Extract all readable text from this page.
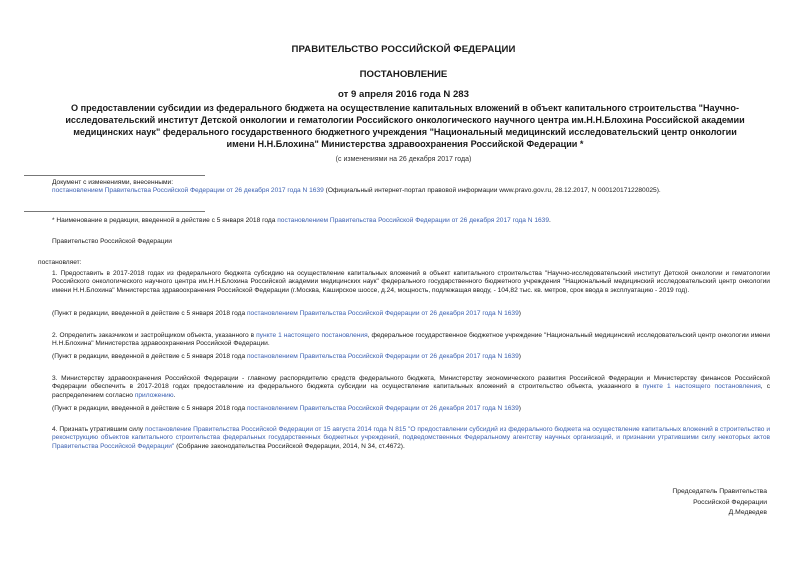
ПРАВИТЕЛЬСТВО РОССИЙСКОЙ ФЕДЕРАЦИИ
ПОСТАНОВЛЕНИЕ
от 9 апреля 2016 года N 283
О предоставлении субсидии из федерального бюджета на осуществление капитальных вложений в объект капитального строительства "Научно-исследовательский институт Детской онкологии и гематологии Российского онкологического научного центра им.Н.Н.Блохина Российской академии медицинских наук" федерального государственного бюджетного учреждения "Национальный медицинский исследовательский центр онкологии имени Н.Н.Блохина" Министерства здравоохранения Российской Федерации *
(с изменениями на 26 декабря 2017 года)
Документ с изменениями, внесенными:
постановлением Правительства Российской Федерации от 26 декабря 2017 года N 1639 (Официальный интернет-портал правовой информации www.pravo.gov.ru, 28.12.2017, N 0001201712280025).
* Наименование в редакции, введенной в действие с 5 января 2018 года постановлением Правительства Российской Федерации от 26 декабря 2017 года N 1639.
Правительство Российской Федерации
постановляет:
1. Предоставить в 2017-2018 годах из федерального бюджета субсидию на осуществление капитальных вложений в объект капитального строительства "Научно-исследовательский институт Детской онкологии и гематологии Российского онкологического научного центра им.Н.Н.Блохина Российской академии медицинских наук" федерального государственного бюджетного учреждения "Национальный медицинский исследовательский центр онкологии имени Н.Н.Блохина" Министерства здравоохранения Российской Федерации (г.Москва, Каширское шоссе, д.24, мощность, подлежащая вводу, - 104,82 тыс. кв. метров, срок ввода в эксплуатацию - 2019 год).
(Пункт в редакции, введенной в действие с 5 января 2018 года постановлением Правительства Российской Федерации от 26 декабря 2017 года N 1639)
2. Определить заказчиком и застройщиком объекта, указанного в пункте 1 настоящего постановления, федеральное государственное бюджетное учреждение "Национальный медицинский исследовательский центр онкологии имени Н.Н.Блохина" Министерства здравоохранения Российской Федерации.
(Пункт в редакции, введенной в действие с 5 января 2018 года постановлением Правительства Российской Федерации от 26 декабря 2017 года N 1639)
3. Министерству здравоохранения Российской Федерации - главному распорядителю средств федерального бюджета, Министерству экономического развития Российской Федерации и Министерству финансов Российской Федерации обеспечить в 2017-2018 годах предоставление из федерального бюджета субсидии на осуществление капитальных вложений в строительство объекта, указанного в пункте 1 настоящего постановления, с распределением согласно приложению.
(Пункт в редакции, введенной в действие с 5 января 2018 года постановлением Правительства Российской Федерации от 26 декабря 2017 года N 1639)
4. Признать утратившим силу постановление Правительства Российской Федерации от 15 августа 2014 года N 815 "О предоставлении субсидий из федерального бюджета на осуществление капитальных вложений в строительство и реконструкцию объектов капитального строительства федеральных государственных бюджетных учреждений, подведомственных Федеральному агентству научных организаций, и признании утратившими силу некоторых актов Правительства Российской Федерации" (Собрание законодательства Российской Федерации, 2014, N 34, ст.4672).
Председатель Правительства
Российской Федерации
Д.Медведев
